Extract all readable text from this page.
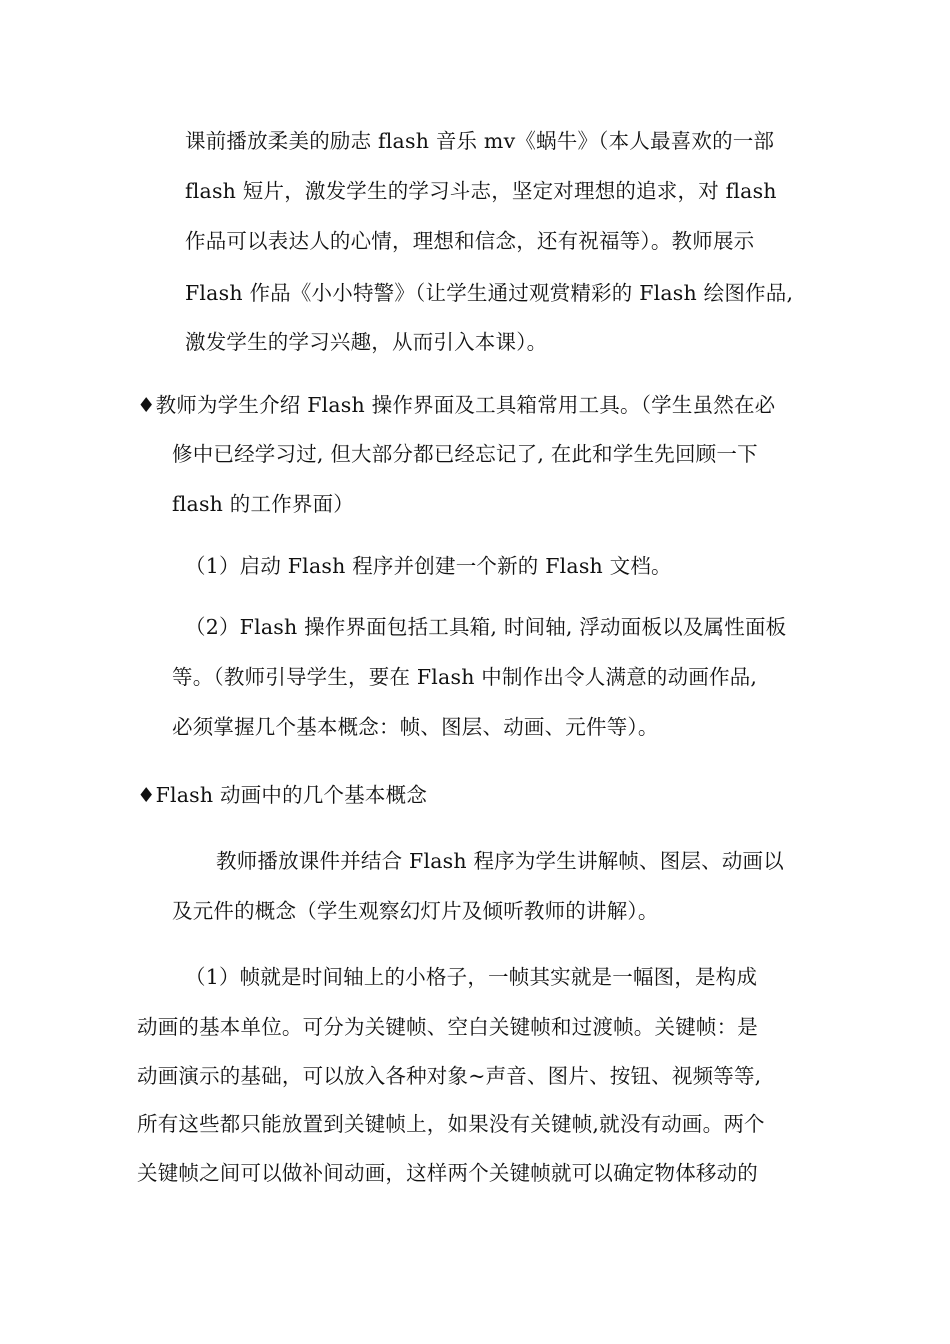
课前播放柔美的励志 flash 音乐 mv《蜗牛》（本人最喜欢的一部
flash 短片，激发学生的学习斗志，坚定对理想的追求，对 flash
作品可以表达人的心情，理想和信念，还有祝福等）。教师展示
Flash 作品《小小特警》（让学生通过观赏精彩的 Flash 绘图作品,
激发学生的学习兴趣，从而引入本课）。
♦教师为学生介绍 Flash 操作界面及工具箱常用工具。（学生虽然在必
修中已经学习过, 但大部分都已经忘记了, 在此和学生先回顾一下
flash 的工作界面）
（1）启动 Flash 程序并创建一个新的 Flash 文档。
（2）Flash 操作界面包括工具箱, 时间轴, 浮动面板以及属性面板
等。（教师引导学生，要在 Flash 中制作出令人满意的动画作品,
必须掌握几个基本概念：帧、图层、动画、元件等）。
♦Flash 动画中的几个基本概念
教师播放课件并结合 Flash 程序为学生讲解帧、图层、动画以
及元件的概念（学生观察幻灯片及倾听教师的讲解）。
（1）帧就是时间轴上的小格子，一帧其实就是一幅图，是构成
动画的基本单位。可分为关键帧、空白关键帧和过渡帧。关键帧：是
动画演示的基础，可以放入各种对象~声音、图片、按钮、视频等等,
所有这些都只能放置到关键帧上，如果没有关键帧,就没有动画。两个
关键帧之间可以做补间动画，这样两个关键帧就可以确定物体移动的
